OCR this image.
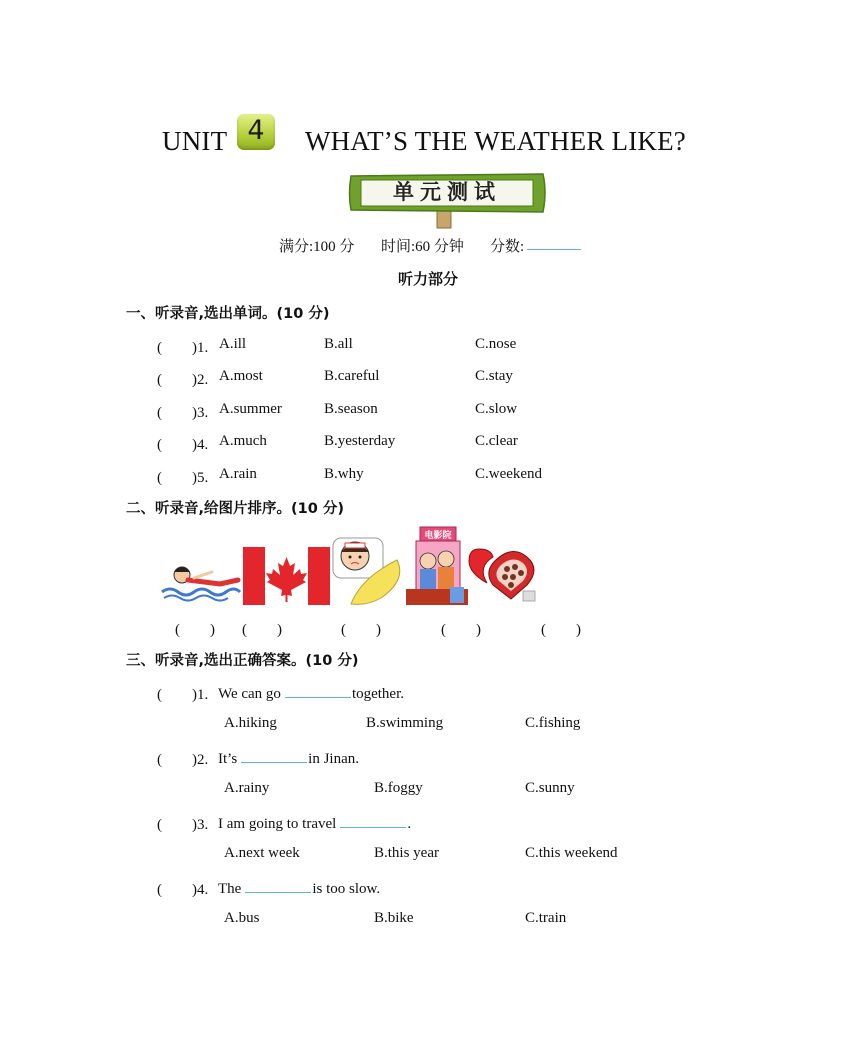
UNIT 4	WHAT’S THE WEATHER LIKE?
单元测试
满分:100 分 时间:60 分钟 分数:
听力部分
一、听录音,选出单词。(10 分)
(　　)1. A.ill	B.all	C.nose
(　　)2. A.most	B.careful	C.stay
(　　)3. A.summer	B.season	C.slow
(　　)4. A.much	B.yesterday	C.clear
(　　)5. A.rain	B.why	C.weekend
二、听录音,给图片排序。(10 分)
电影院
(　　) (　　)	(　　)	(　　)	(　　)
三、听录音,选出正确答案。(10 分)
(　　)1. We can go	together.
A.hiking	B.swimming	C.fishing
(　　)2. It’s	in Jinan.
A.rainy	B.foggy	C.sunny
(　　)3. I am going to travel	.
A.next week	B.this year	C.this weekend
(　　)4. The	is too slow.
A.bus	B.bike	C.train
